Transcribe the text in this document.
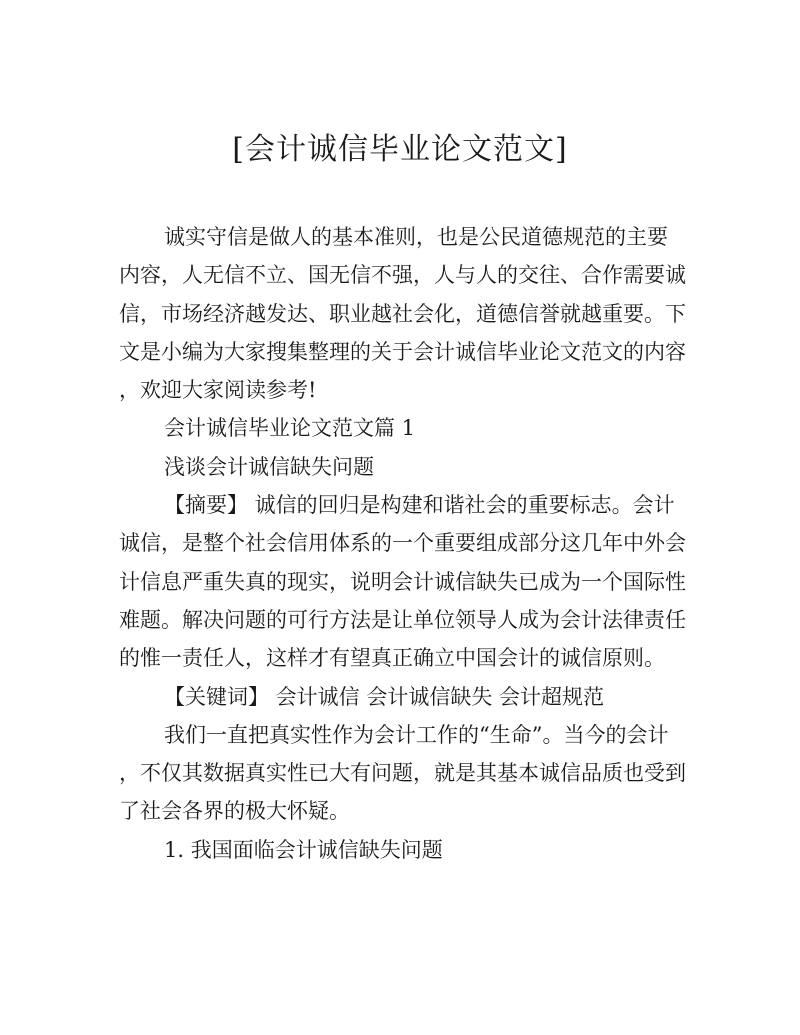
[会计诚信毕业论文范文]
诚实守信是做人的基本准则，也是公民道德规范的主要
内容，人无信不立、国无信不强，人与人的交往、合作需要诚
信，市场经济越发达、职业越社会化，道德信誉就越重要。下
文是小编为大家搜集整理的关于会计诚信毕业论文范文的内容
，欢迎大家阅读参考!
会计诚信毕业论文范文篇 1
浅谈会计诚信缺失问题
【摘要】 诚信的回归是构建和谐社会的重要标志。会计
诚信，是整个社会信用体系的一个重要组成部分这几年中外会
计信息严重失真的现实，说明会计诚信缺失已成为一个国际性
难题。解决问题的可行方法是让单位领导人成为会计法律责任
的惟一责任人，这样才有望真正确立中国会计的诚信原则。
【关键词】 会计诚信 会计诚信缺失 会计超规范
我们一直把真实性作为会计工作的“生命”。当今的会计
，不仅其数据真实性已大有问题，就是其基本诚信品质也受到
了社会各界的极大怀疑。
1. 我国面临会计诚信缺失问题
